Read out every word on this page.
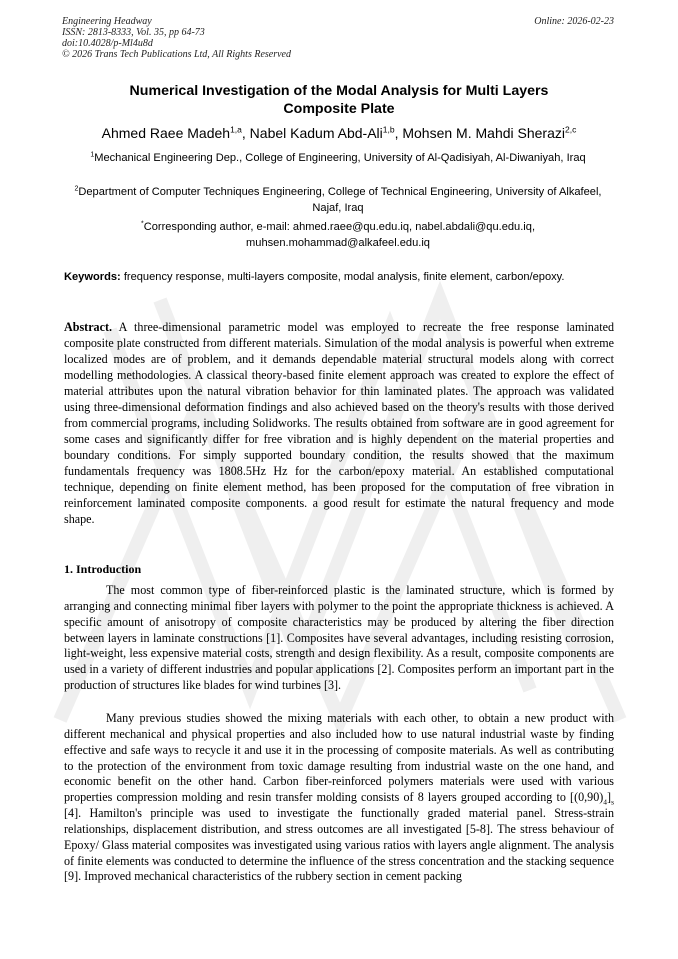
Engineering Headway
ISSN: 2813-8333, Vol. 35, pp 64-73
doi:10.4028/p-Ml4u8d
© 2026 Trans Tech Publications Ltd, All Rights Reserved
Online: 2026-02-23
Numerical Investigation of the Modal Analysis for Multi Layers
Composite Plate
Ahmed Raee Madeh$^{1,a}$, Nabel Kadum Abd-Ali$^{1,b}$, Mohsen M. Mahdi Sherazi$^{2,c}$
$^1$Mechanical Engineering Dep., College of Engineering, University of Al-Qadisiyah, Al-Diwaniyah, Iraq
$^2$Department of Computer Techniques Engineering, College of Technical Engineering, University of Alkafeel, Najaf, Iraq
*Corresponding author, e-mail: ahmed.raee@qu.edu.iq, nabel.abdali@qu.edu.iq, muhsen.mohammad@alkafeel.edu.iq
Keywords: frequency response, multi-layers composite, modal analysis, finite element, carbon/epoxy.
Abstract. A three-dimensional parametric model was employed to recreate the free response laminated composite plate constructed from different materials. Simulation of the modal analysis is powerful when extreme localized modes are of problem, and it demands dependable material structural models along with correct modelling methodologies. A classical theory-based finite element approach was created to explore the effect of material attributes upon the natural vibration behavior for thin laminated plates. The approach was validated using three-dimensional deformation findings and also achieved based on the theory's results with those derived from commercial programs, including Solidworks. The results obtained from software are in good agreement for some cases and significantly differ for free vibration and is highly dependent on the material properties and boundary conditions. For simply supported boundary condition, the results showed that the maximum fundamentals frequency was 1808.5Hz Hz for the carbon/epoxy material. An established computational technique, depending on finite element method, has been proposed for the computation of free vibration in reinforcement laminated composite components. a good result for estimate the natural frequency and mode shape.
1. Introduction
The most common type of fiber-reinforced plastic is the laminated structure, which is formed by arranging and connecting minimal fiber layers with polymer to the point the appropriate thickness is achieved. A specific amount of anisotropy of composite characteristics may be produced by altering the fiber direction between layers in laminate constructions [1]. Composites have several advantages, including resisting corrosion, light-weight, less expensive material costs, strength and design flexibility. As a result, composite components are used in a variety of different industries and popular applications [2]. Composites perform an important part in the production of structures like blades for wind turbines [3].
Many previous studies showed the mixing materials with each other, to obtain a new product with different mechanical and physical properties and also included how to use natural industrial waste by finding effective and safe ways to recycle it and use it in the processing of composite materials. As well as contributing to the protection of the environment from toxic damage resulting from industrial waste on the one hand, and economic benefit on the other hand. Carbon fiber-reinforced polymers materials were used with various properties compression molding and resin transfer molding consists of 8 layers grouped according to $[(0,90)_4]_s$ [4]. Hamilton's principle was used to investigate the functionally graded material panel. Stress-strain relationships, displacement distribution, and stress outcomes are all investigated [5-8]. The stress behaviour of Epoxy/ Glass material composites was investigated using various ratios with layers angle alignment. The analysis of finite elements was conducted to determine the influence of the stress concentration and the stacking sequence [9]. Improved mechanical characteristics of the rubbery section in cement packing
